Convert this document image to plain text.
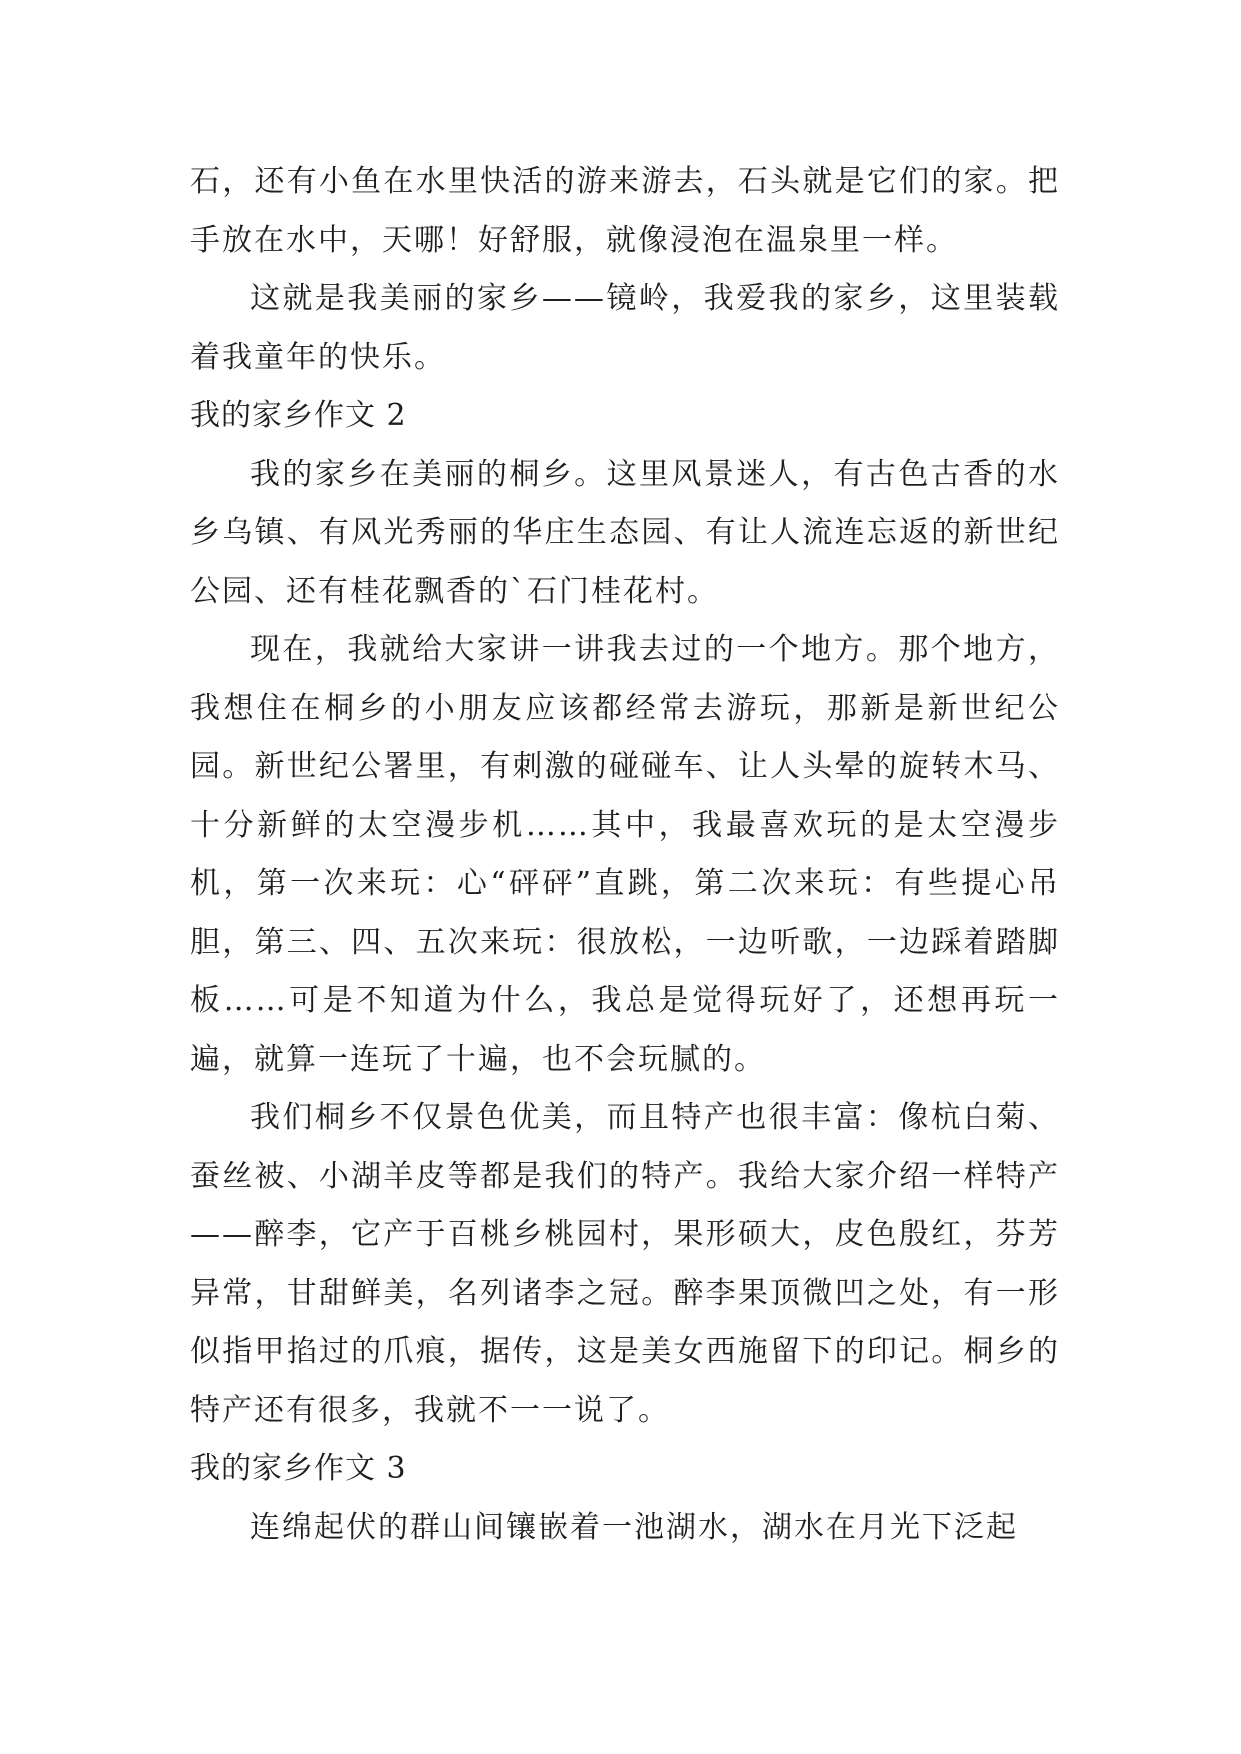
石，还有小鱼在水里快活的游来游去，石头就是它们的家。把手放在水中，天哪！好舒服，就像浸泡在温泉里一样。

这就是我美丽的家乡——镜岭，我爱我的家乡，这里装载着我童年的快乐。

我的家乡作文 2

我的家乡在美丽的桐乡。这里风景迷人，有古色古香的水乡乌镇、有风光秀丽的华庄生态园、有让人流连忘返的新世纪公园、还有桂花飘香的`石门桂花村。

现在，我就给大家讲一讲我去过的一个地方。那个地方，我想住在桐乡的小朋友应该都经常去游玩，那新是新世纪公园。新世纪公署里，有刺激的碰碰车、让人头晕的旋转木马、十分新鲜的太空漫步机……其中，我最喜欢玩的是太空漫步机，第一次来玩：心“砰砰”直跳，第二次来玩：有些提心吊胆，第三、四、五次来玩：很放松，一边听歌，一边踩着踏脚板……可是不知道为什么，我总是觉得玩好了，还想再玩一遍，就算一连玩了十遍，也不会玩腻的。

我们桐乡不仅景色优美，而且特产也很丰富：像杭白菊、蚕丝被、小湖羊皮等都是我们的特产。我给大家介绍一样特产——醉李，它产于百桃乡桃园村，果形硕大，皮色殷红，芬芳异常，甘甜鲜美，名列诸李之冠。醉李果顶微凹之处，有一形似指甲掐过的爪痕，据传，这是美女西施留下的印记。桐乡的特产还有很多，我就不一一说了。

我的家乡作文 3

连绵起伏的群山间镶嵌着一池湖水，湖水在月光下泛起
